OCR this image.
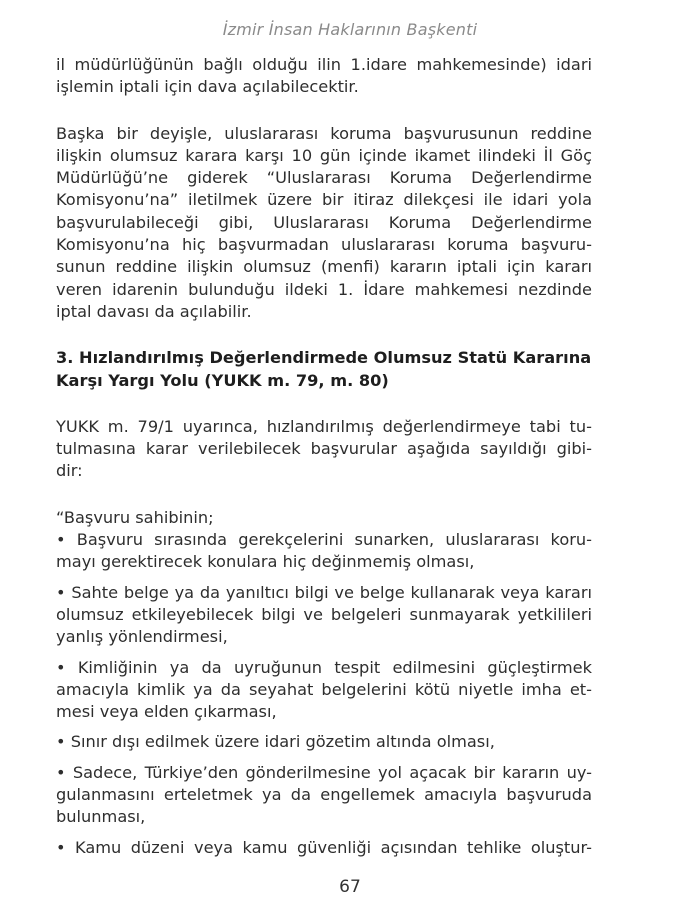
İzmir İnsan Haklarının Başkenti

il müdürlüğünün bağlı olduğu ilin 1.idare mahkemesinde) idari
işlemin iptali için dava açılabilecektir.

Başka bir deyişle, uluslararası koruma başvurusunun reddine
ilişkin olumsuz karara karşı 10 gün içinde ikamet ilindeki İl Göç
Müdürlüğü’ne giderek “Uluslararası Koruma Değerlendirme
Komisyonu’na” iletilmek üzere bir itiraz dilekçesi ile idari yola
başvurulabileceği gibi, Uluslararası Koruma Değerlendirme
Komisyonu’na hiç başvurmadan uluslararası koruma başvuru-
sunun reddine ilişkin olumsuz (menfi) kararın iptali için kararı
veren idarenin bulunduğu ildeki 1. İdare mahkemesi nezdinde
iptal davası da açılabilir.

3. Hızlandırılmış Değerlendirmede Olumsuz Statü Kararına
Karşı Yargı Yolu (YUKK m. 79, m. 80)

YUKK m. 79/1 uyarınca, hızlandırılmış değerlendirmeye tabi tu-
tulmasına karar verilebilecek başvurular aşağıda sayıldığı gibi-
dir:

“Başvuru sahibinin;

• Başvuru sırasında gerekçelerini sunarken, uluslararası koru-
mayı gerektirecek konulara hiç değinmemiş olması,

• Sahte belge ya da yanıltıcı bilgi ve belge kullanarak veya kararı
olumsuz etkileyebilecek bilgi ve belgeleri sunmayarak yetkilileri
yanlış yönlendirmesi,

• Kimliğinin ya da uyruğunun tespit edilmesini güçleştirmek
amacıyla kimlik ya da seyahat belgelerini kötü niyetle imha et-
mesi veya elden çıkarması,

• Sınır dışı edilmek üzere idari gözetim altında olması,

• Sadece, Türkiye’den gönderilmesine yol açacak bir kararın uy-
gulanmasını erteletmek ya da engellemek amacıyla başvuruda
bulunması,

• Kamu düzeni veya kamu güvenliği açısından tehlike oluştur-

67
